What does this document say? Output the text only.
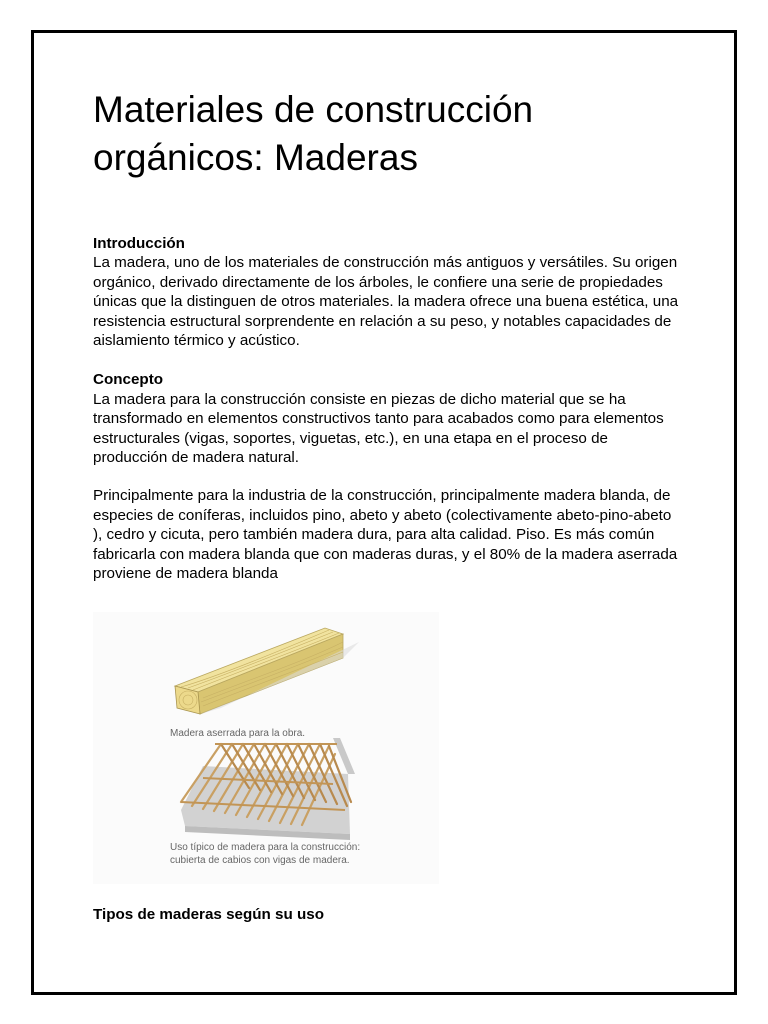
Materiales de construcción orgánicos: Maderas
Introducción

La madera, uno de los materiales de construcción más antiguos y versátiles. Su origen orgánico, derivado directamente de los árboles, le confiere una serie de propiedades únicas que la distinguen de otros materiales. la madera ofrece una buena estética, una resistencia estructural sorprendente en relación a su peso, y notables capacidades de aislamiento térmico y acústico.

Concepto

La madera para la construcción consiste en piezas de dicho material que se ha transformado en elementos constructivos tanto para acabados como para elementos estructurales (vigas, soportes, viguetas, etc.), en una etapa en el proceso de producción de madera natural.

Principalmente para la industria de la construcción, principalmente madera blanda, de especies de coníferas, incluidos pino, abeto y abeto (colectivamente abeto-pino-abeto ), cedro y cicuta, pero también madera dura, para alta calidad. Piso. Es más común fabricarla con madera blanda que con maderas duras, y el 80% de la madera aserrada proviene de madera blanda

Madera aserrada para la obra.
Uso típico de madera para la construcción: cubierta de cabios con vigas de madera.
Tipos de maderas según su uso
